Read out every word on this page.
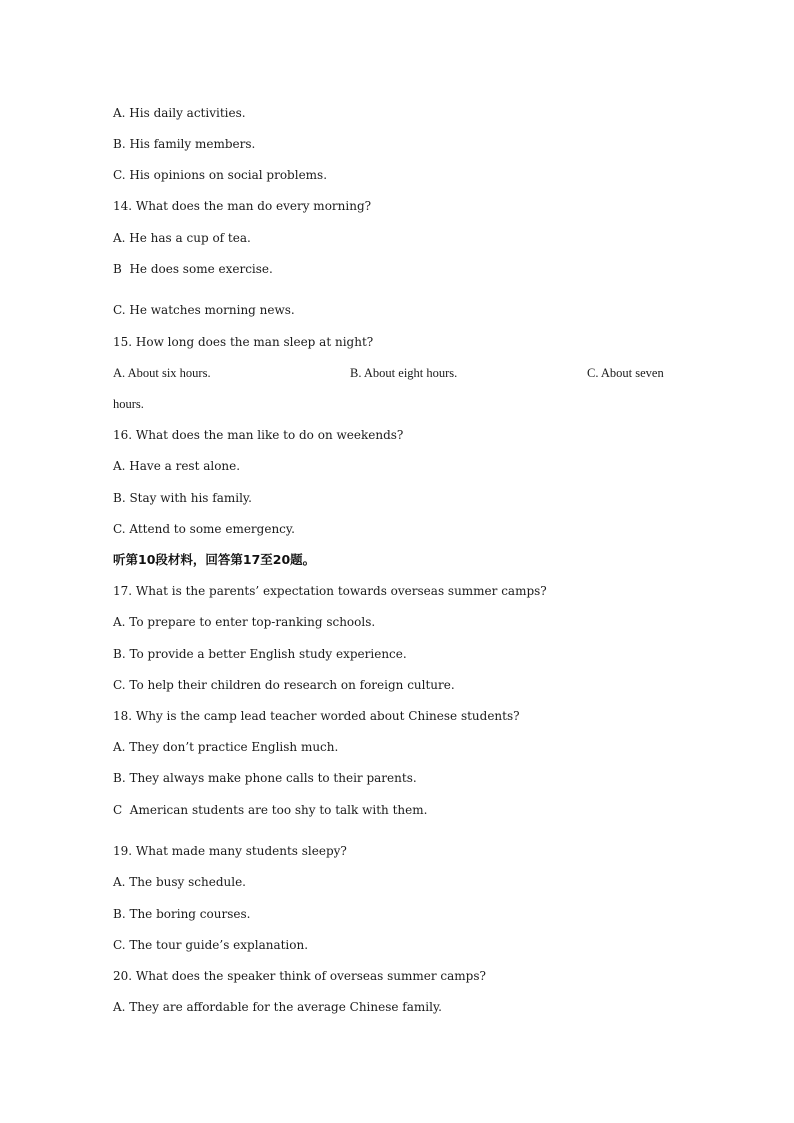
A. His daily activities.
B. His family members.
C. His opinions on social problems.
14. What does the man do every morning?
A. He has a cup of tea.
B  He does some exercise.
C. He watches morning news.
15. How long does the man sleep at night?
A. About six hours.	B. About eight hours.	C. About seven
hours.
16. What does the man like to do on weekends?
A. Have a rest alone.
B. Stay with his family.
C. Attend to some emergency.
听第10段材料，回答第17至20题。
17. What is the parents’ expectation towards overseas summer camps?
A. To prepare to enter top-ranking schools.
B. To provide a better English study experience.
C. To help their children do research on foreign culture.
18. Why is the camp lead teacher worded about Chinese students?
A. They don’t practice English much.
B. They always make phone calls to their parents.
C  American students are too shy to talk with them.
19. What made many students sleepy?
A. The busy schedule.
B. The boring courses.
C. The tour guide’s explanation.
20. What does the speaker think of overseas summer camps?
A. They are affordable for the average Chinese family.
